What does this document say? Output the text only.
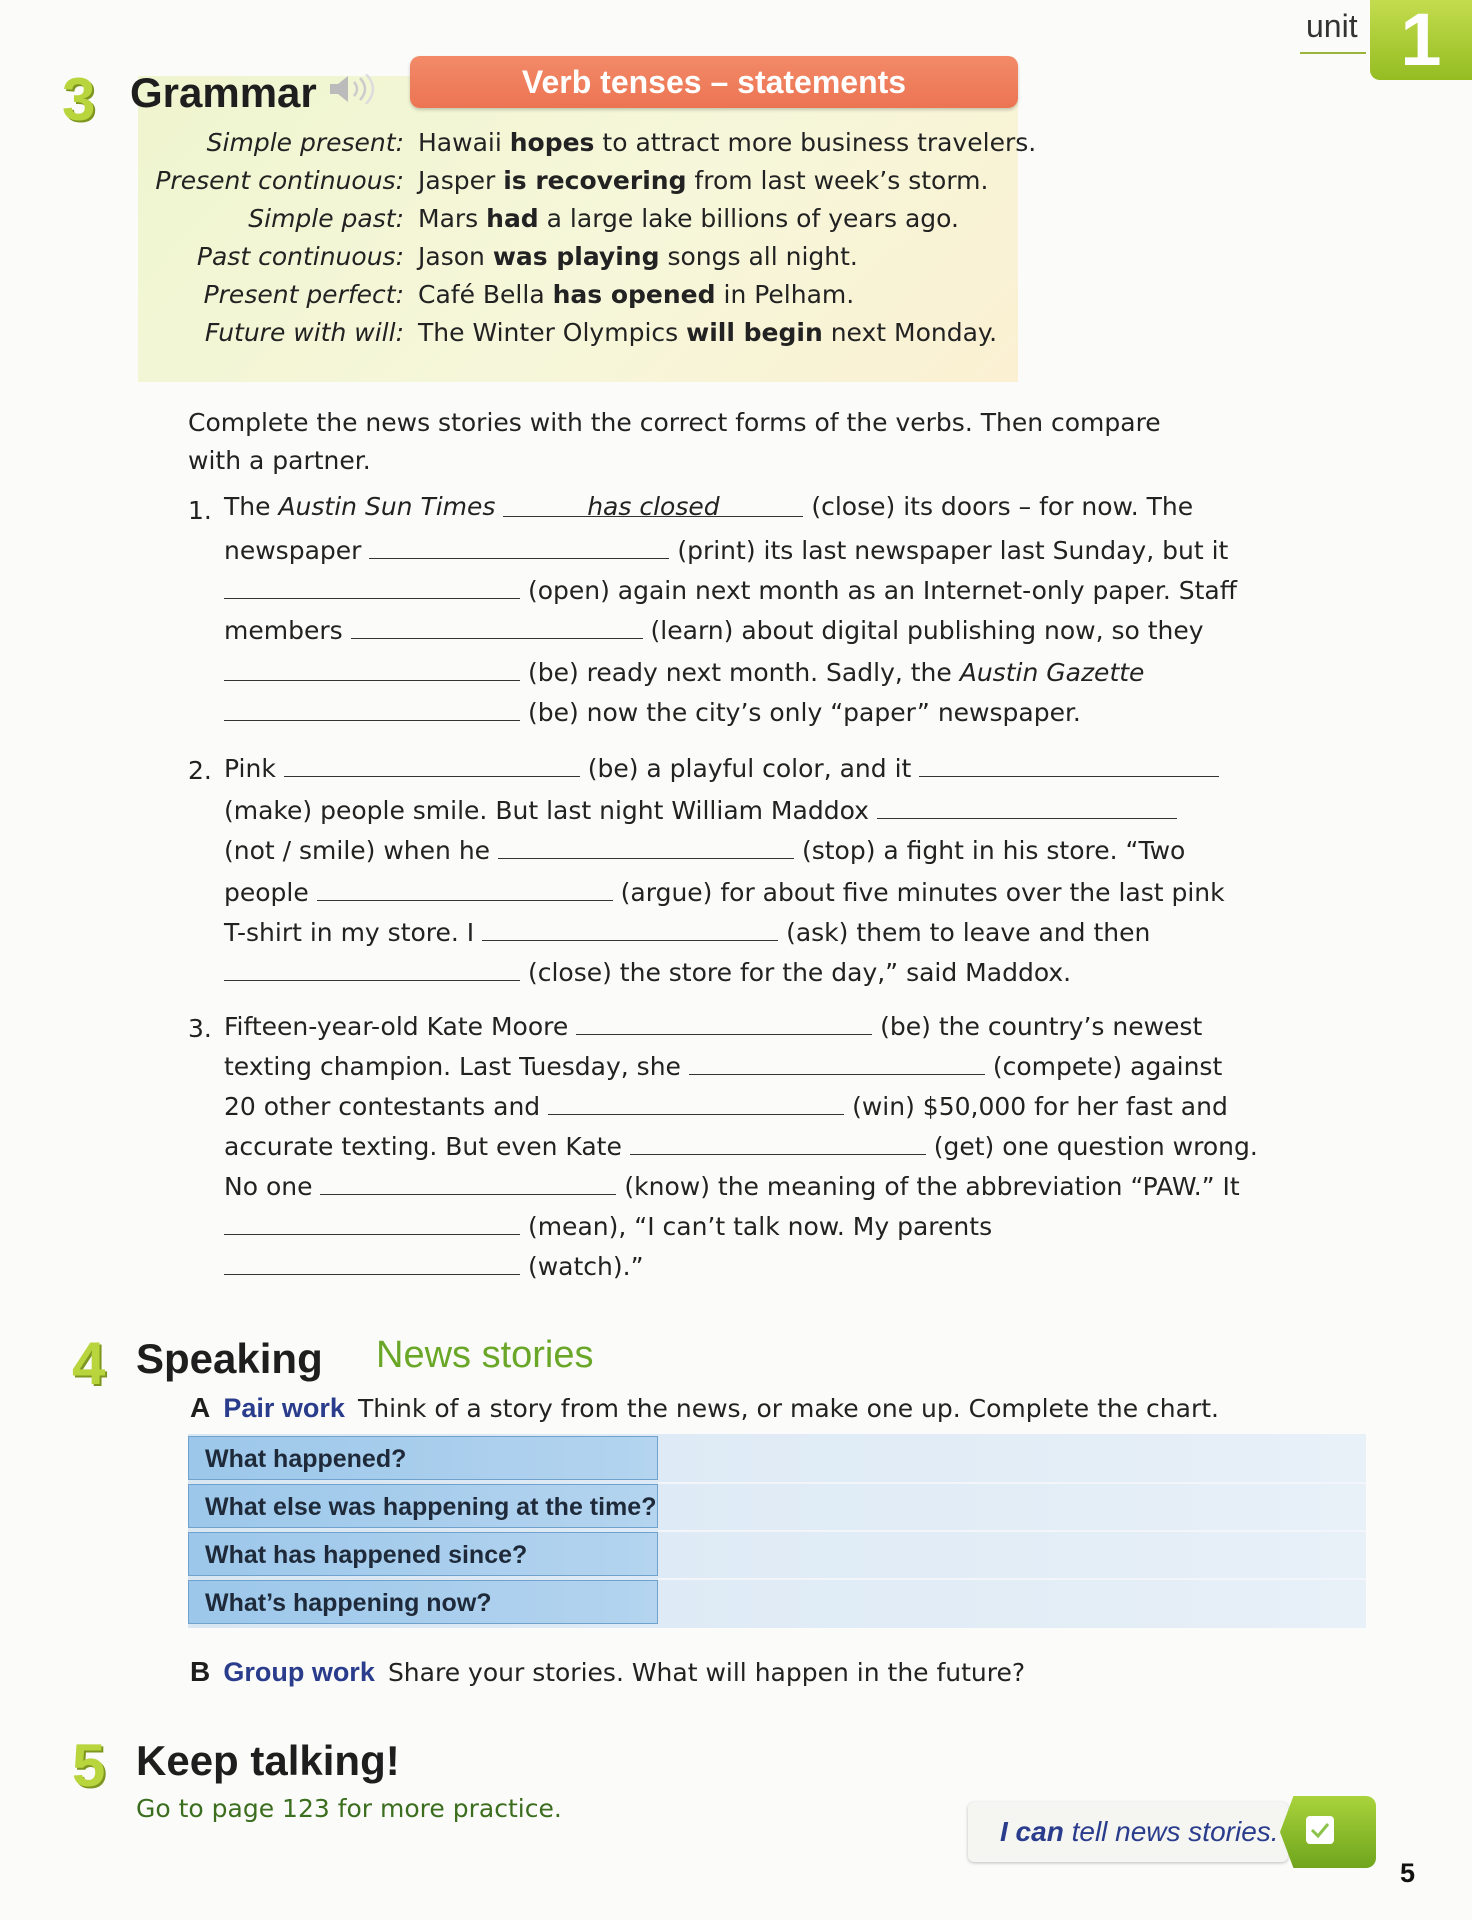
unit 1
3 Grammar	Verb tenses – statements
Simple present: Hawaii hopes to attract more business travelers.
Present continuous: Jasper is recovering from last week’s storm.
Simple past: Mars had a large lake billions of years ago.
Past continuous: Jason was playing songs all night.
Present perfect: Café Bella has opened in Pelham.
Future with will: The Winter Olympics will begin next Monday.
Complete the news stories with the correct forms of the verbs. Then compare
with a partner.
1. The Austin Sun Times	has closed	(close) its doors – for now. The
newspaper	(print) its last newspaper last Sunday, but it
(open) again next month as an Internet-only paper. Staff
members	(learn) about digital publishing now, so they
(be) ready next month. Sadly, the Austin Gazette
(be) now the city’s only “paper” newspaper.
2. Pink	(be) a playful color, and it
(make) people smile. But last night William Maddox
(not / smile) when he	(stop) a fight in his store. “Two
people	(argue) for about five minutes over the last pink
T-shirt in my store. I	(ask) them to leave and then
(close) the store for the day,” said Maddox.
3. Fifteen-year-old Kate Moore	(be) the country’s newest
texting champion. Last Tuesday, she	(compete) against
20 other contestants and	(win) $50,000 for her fast and
accurate texting. But even Kate	(get) one question wrong.
No one	(know) the meaning of the abbreviation “PAW.” It
(mean), “I can’t talk now. My parents
(watch).”
4 Speaking News stories
A Pair work Think of a story from the news, or make one up. Complete the chart.
What happened?
What else was happening at the time?
What has happened since?
What’s happening now?
B Group work Share your stories. What will happen in the future?
5 Keep talking!
Go to page 123 for more practice.
I can tell news stories.
5
